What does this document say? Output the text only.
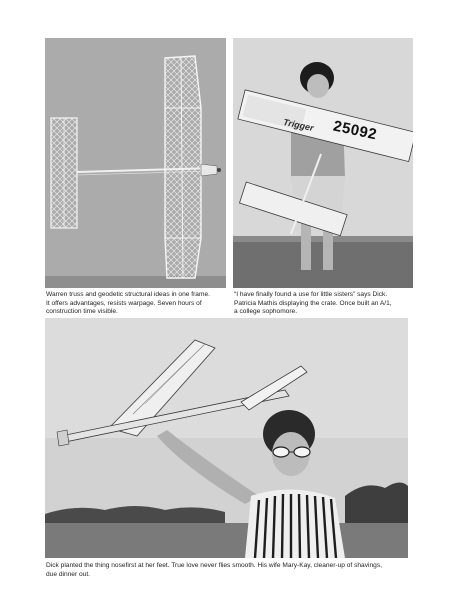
Trigger 25092
Warren truss and geodetic structural ideas in one frame.
It offers advantages, resists warpage. Seven hours of
construction time visible.
“I have finally found a use for little sisters” says Dick.
Patricia Mathis displaying the crate. Once built an A/1,
a college sophomore.
Dick planted the thing nosefirst at her feet. True love never flies smooth. His wife Mary-Kay, cleaner-up of shavings,
due dinner out.
